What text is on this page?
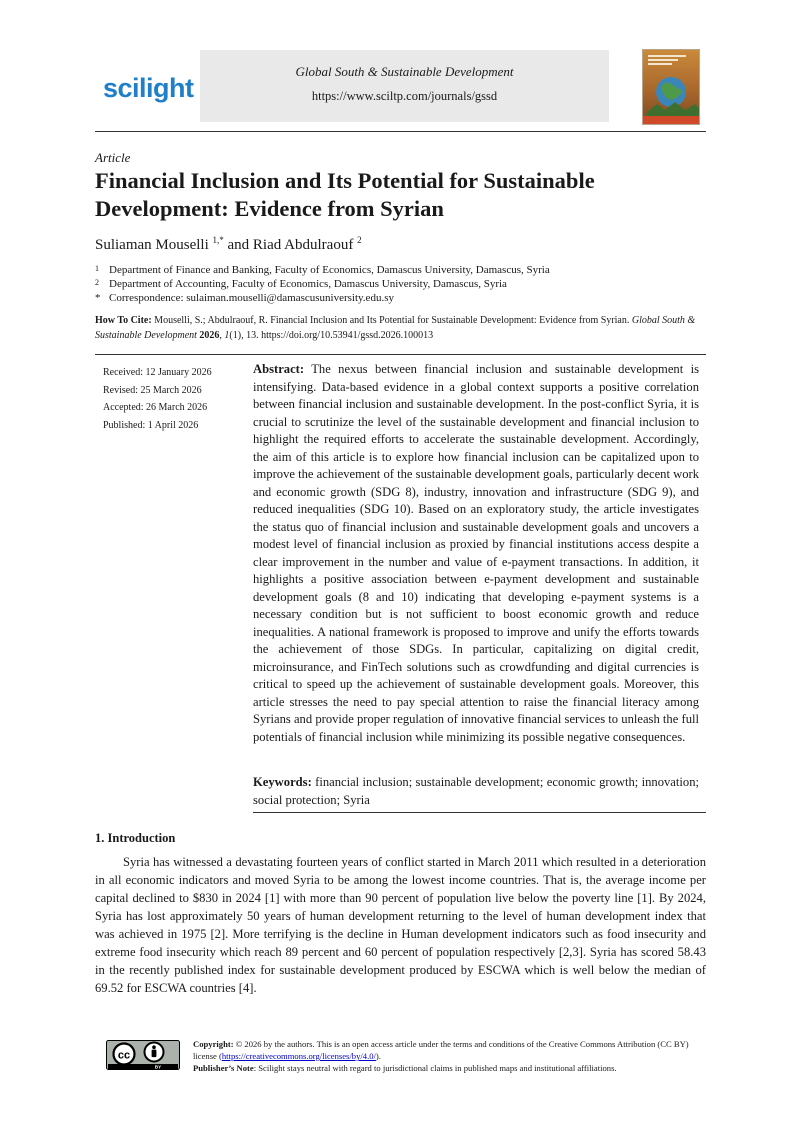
scilight
Global South & Sustainable Development
https://www.sciltp.com/journals/gssd
Article
Financial Inclusion and Its Potential for Sustainable
Development: Evidence from Syrian
Suliaman Mouselli $^{1,*}$ and Riad Abdulraouf $^2$
1 Department of Finance and Banking, Faculty of Economics, Damascus University, Damascus, Syria
2 Department of Accounting, Faculty of Economics, Damascus University, Damascus, Syria
* Correspondence: sulaiman.mouselli@damascusuniversity.edu.sy
How To Cite: Mouselli, S.; Abdulraouf, R. Financial Inclusion and Its Potential for Sustainable Development: Evidence from Syrian. Global South & Sustainable Development 2026, 1(1), 13. https://doi.org/10.53941/gssd.2026.100013
Received: 12 January 2026
Revised: 25 March 2026
Accepted: 26 March 2026
Published: 1 April 2026
Abstract: The nexus between financial inclusion and sustainable development is intensifying. Data-based evidence in a global context supports a positive correlation between financial inclusion and sustainable development. In the post-conflict Syria, it is crucial to scrutinize the level of the sustainable development and financial inclusion to highlight the required efforts to accelerate the sustainable development. Accordingly, the aim of this article is to explore how financial inclusion can be capitalized upon to improve the achievement of the sustainable development goals, particularly decent work and economic growth (SDG 8), industry, innovation and infrastructure (SDG 9), and reduced inequalities (SDG 10). Based on an exploratory study, the article investigates the status quo of financial inclusion and sustainable development goals and uncovers a modest level of financial inclusion as proxied by financial institutions access despite a clear improvement in the number and value of e-payment transactions. In addition, it highlights a positive association between e-payment development and sustainable development goals (8 and 10) indicating that developing e-payment systems is a necessary condition but is not sufficient to boost economic growth and reduce inequalities. A national framework is proposed to improve and unify the efforts towards the achievement of those SDGs. In particular, capitalizing on digital credit, microinsurance, and FinTech solutions such as crowdfunding and digital currencies is critical to speed up the achievement of sustainable development goals. Moreover, this article stresses the need to pay special attention to raise the financial literacy among Syrians and provide proper regulation of innovative financial services to unleash the full potentials of financial inclusion while minimizing its possible negative consequences.
Keywords: financial inclusion; sustainable development; economic growth; innovation; social protection; Syria
1. Introduction
Syria has witnessed a devastating fourteen years of conflict started in March 2011 which resulted in a deterioration in all economic indicators and moved Syria to be among the lowest income countries. That is, the average income per capital declined to $830 in 2024 [1] with more than 90 percent of population live below the poverty line [1]. By 2024, Syria has lost approximately 50 years of human development returning to the level of human development index that was achieved in 1975 [2]. More terrifying is the decline in Human development indicators such as food insecurity and extreme food insecurity which reach 89 percent and 60 percent of population respectively [2,3]. Syria has scored 58.43 in the recently published index for sustainable development produced by ESCWA which is well below the median of 69.52 for ESCWA countries [4].
cc
BY
Copyright: © 2026 by the authors. This is an open access article under the terms and conditions of the Creative Commons Attribution (CC BY) license (https://creativecommons.org/licenses/by/4.0/).
Publisher’s Note: Scilight stays neutral with regard to jurisdictional claims in published maps and institutional affiliations.
